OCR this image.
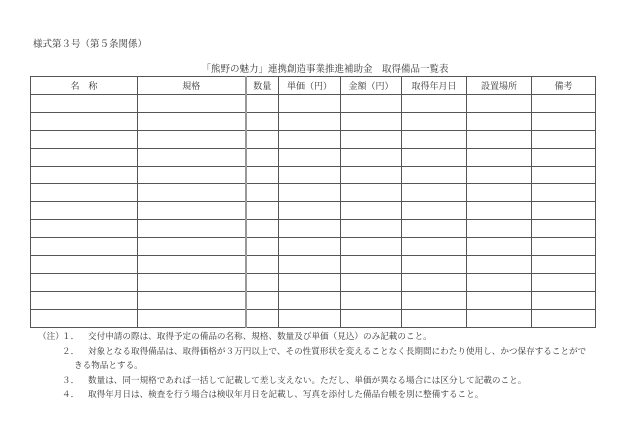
様式第３号（第５条関係）
「熊野の魅力」連携創造事業推進補助金　取得備品一覧表
名　称	規格	数量	単価（円）	金額（円）	取得年月日	設置場所	備考

（注）
１．	交付申請の際は、取得予定の備品の名称、規格、数量及び単価（見込）のみ記載のこと。
２．	対象となる取得備品は、取得価格が３万円以上で、その性質形状を変えることなく長期間にわたり使用し、かつ保存することができる物品とする。
３．	数量は、同一規格であれば一括して記載して差し支えない。ただし、単価が異なる場合には区分して記載のこと。
４．	取得年月日は、検査を行う場合は検収年月日を記載し、写真を添付した備品台帳を別に整備すること。
